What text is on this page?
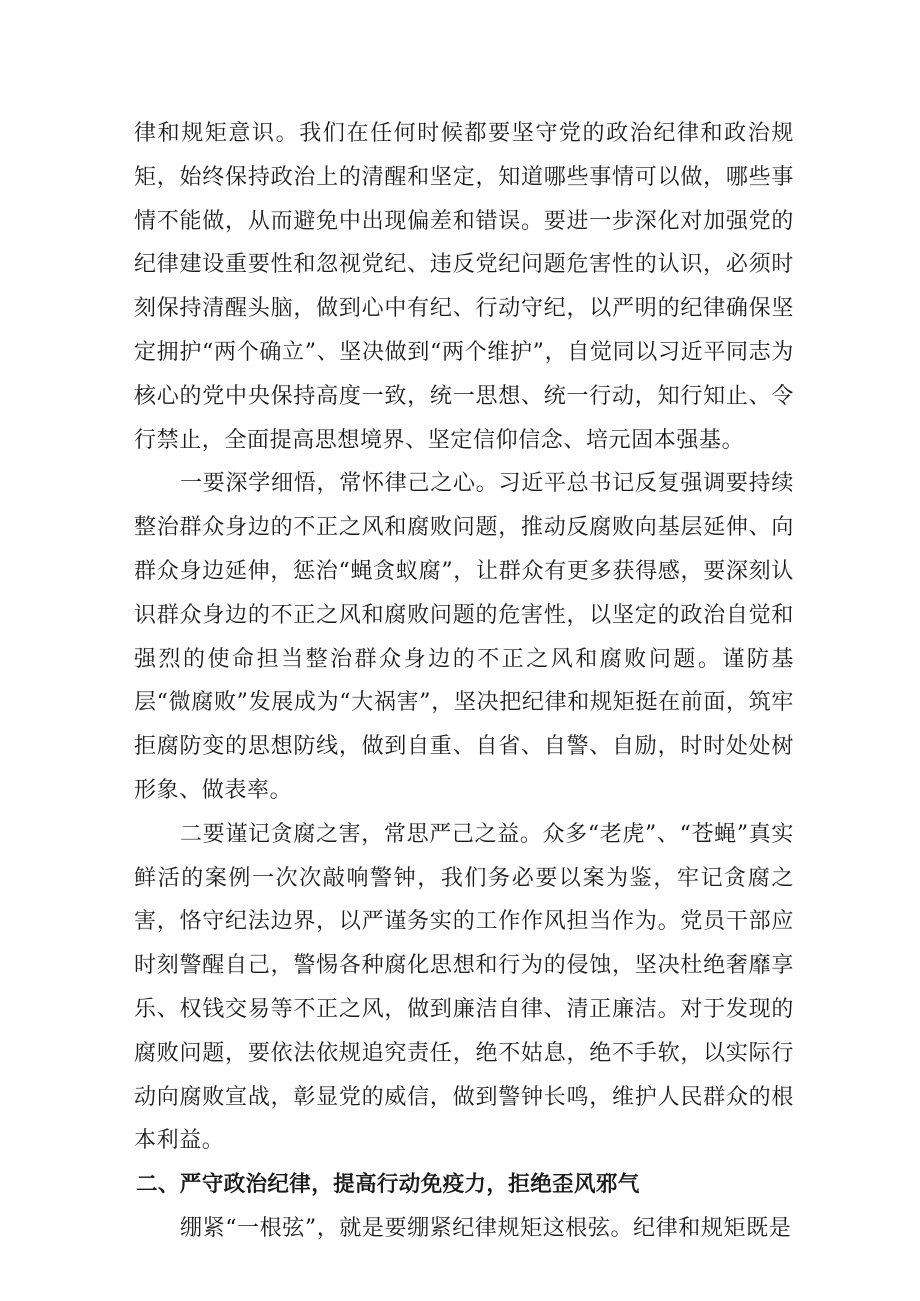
律和规矩意识。我们在任何时候都要坚守党的政治纪律和政治规矩，始终保持政治上的清醒和坚定，知道哪些事情可以做，哪些事情不能做，从而避免中出现偏差和错误。要进一步深化对加强党的纪律建设重要性和忽视党纪、违反党纪问题危害性的认识，必须时刻保持清醒头脑，做到心中有纪、行动守纪，以严明的纪律确保坚定拥护“两个确立”、坚决做到“两个维护”，自觉同以习近平同志为核心的党中央保持高度一致，统一思想、统一行动，知行知止、令行禁止，全面提高思想境界、坚定信仰信念、培元固本强基。

一要深学细悟，常怀律己之心。习近平总书记反复强调要持续整治群众身边的不正之风和腐败问题，推动反腐败向基层延伸、向群众身边延伸，惩治“蝇贪蚁腐”，让群众有更多获得感，要深刻认识群众身边的不正之风和腐败问题的危害性，以坚定的政治自觉和强烈的使命担当整治群众身边的不正之风和腐败问题。谨防基层“微腐败”发展成为“大祸害”，坚决把纪律和规矩挺在前面，筑牢拒腐防变的思想防线，做到自重、自省、自警、自励，时时处处树形象、做表率。

二要谨记贪腐之害，常思严己之益。众多“老虎”、“苍蝇”真实鲜活的案例一次次敲响警钟，我们务必要以案为鉴，牢记贪腐之害，恪守纪法边界，以严谨务实的工作作风担当作为。党员干部应时刻警醒自己，警惕各种腐化思想和行为的侵蚀，坚决杜绝奢靡享乐、权钱交易等不正之风，做到廉洁自律、清正廉洁。对于发现的腐败问题，要依法依规追究责任，绝不姑息，绝不手软，以实际行动向腐败宣战，彰显党的威信，做到警钟长鸣，维护人民群众的根本利益。

二、严守政治纪律，提高行动免疫力，拒绝歪风邪气

绷紧“一根弦”，就是要绷紧纪律规矩这根弦。纪律和规矩既是
